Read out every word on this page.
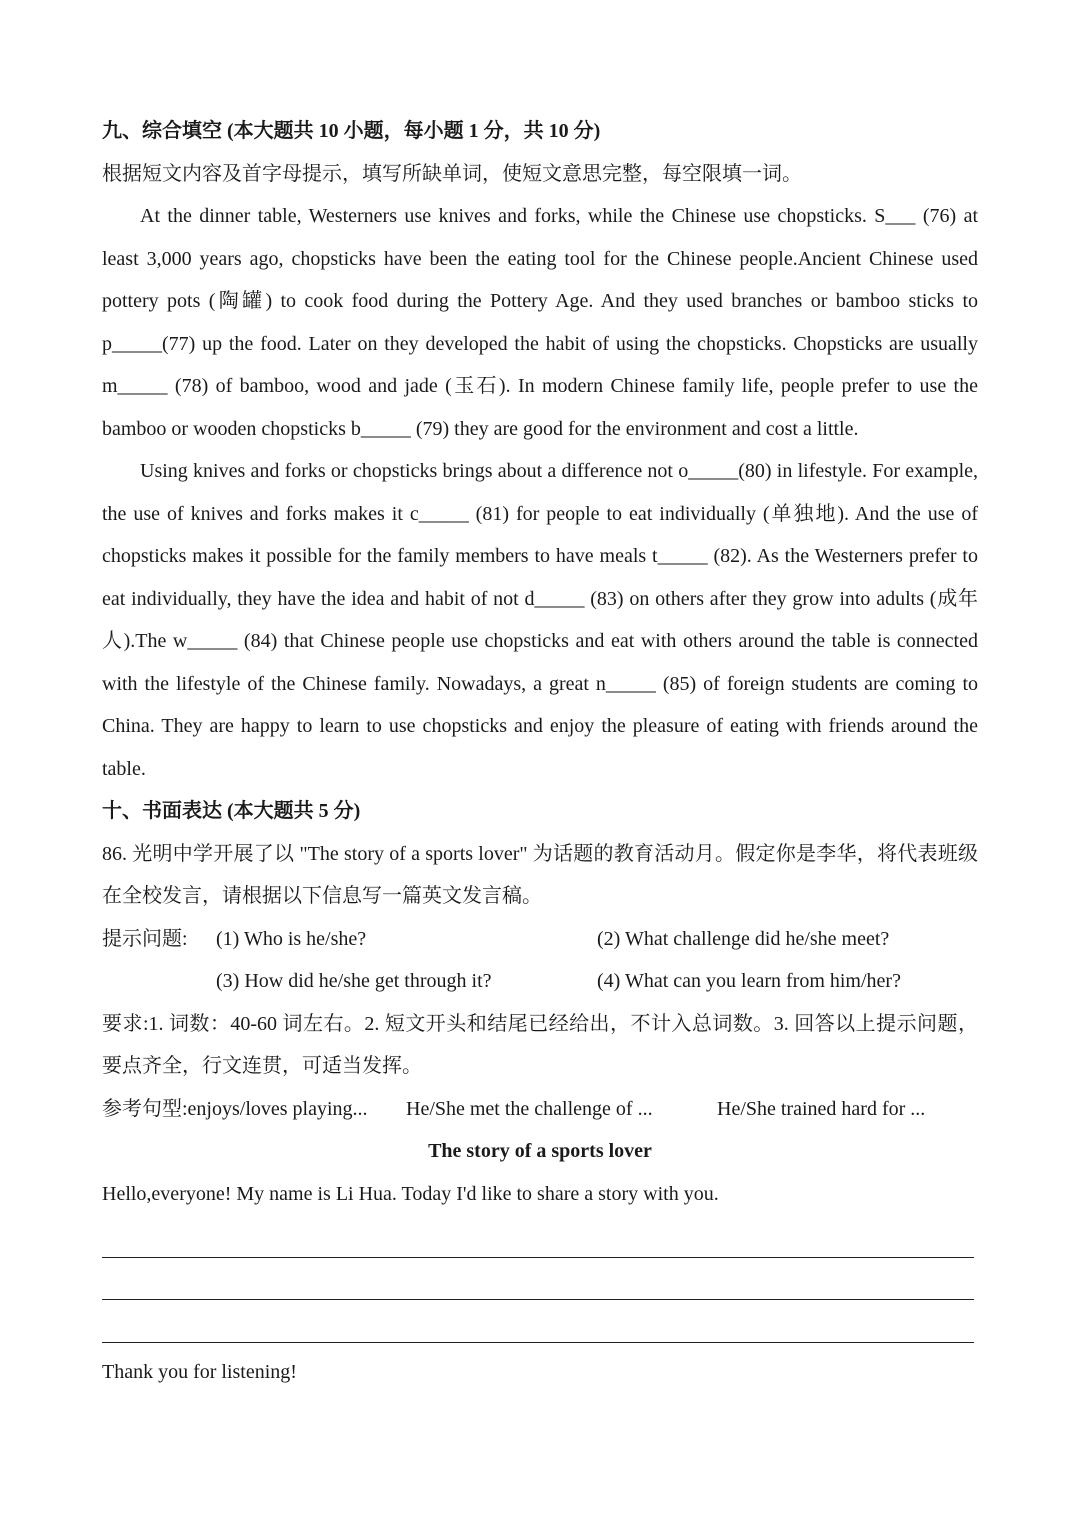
九、综合填空 (本大题共 10 小题，每小题 1 分，共 10 分)
根据短文内容及首字母提示，填写所缺单词，使短文意思完整，每空限填一词。

At the dinner table, Westerners use knives and forks, while the Chinese use chopsticks. S___ (76) at least 3,000 years ago, chopsticks have been the eating tool for the Chinese people.Ancient Chinese used pottery pots (陶罐) to cook food during the Pottery Age. And they used branches or bamboo sticks to p_____(77) up the food. Later on they developed the habit of using the chopsticks. Chopsticks are usually m_____ (78) of bamboo, wood and jade (玉石). In modern Chinese family life, people prefer to use the bamboo or wooden chopsticks b_____ (79) they are good for the environment and cost a little.

Using knives and forks or chopsticks brings about a difference not o_____(80) in lifestyle. For example, the use of knives and forks makes it c_____ (81) for people to eat individually (单独地). And the use of chopsticks makes it possible for the family members to have meals t_____ (82). As the Westerners prefer to eat individually, they have the idea and habit of not d_____ (83) on others after they grow into adults (成年人).The w_____ (84) that Chinese people use chopsticks and eat with others around the table is connected with the lifestyle of the Chinese family. Nowadays, a great n_____ (85) of foreign students are coming to China. They are happy to learn to use chopsticks and enjoy the pleasure of eating with friends around the table.

十、书面表达 (本大题共 5 分)

86. 光明中学开展了以 "The story of a sports lover" 为话题的教育活动月。假定你是李华，将代表班级在全校发言，请根据以下信息写一篇英文发言稿。

提示问题:	(1) Who is he/she?	(2) What challenge did he/she meet?
(3) How did he/she get through it?	(4) What can you learn from him/her?

要求:1. 词数：40-60 词左右。2. 短文开头和结尾已经给出，不计入总词数。3. 回答以上提示问题，要点齐全，行文连贯，可适当发挥。

参考句型:enjoys/loves playing...	He/She met the challenge of ...	He/She trained hard for ...
The story of a sports lover
Hello,everyone! My name is Li Hua. Today I'd like to share a story with you.
Thank you for listening!
